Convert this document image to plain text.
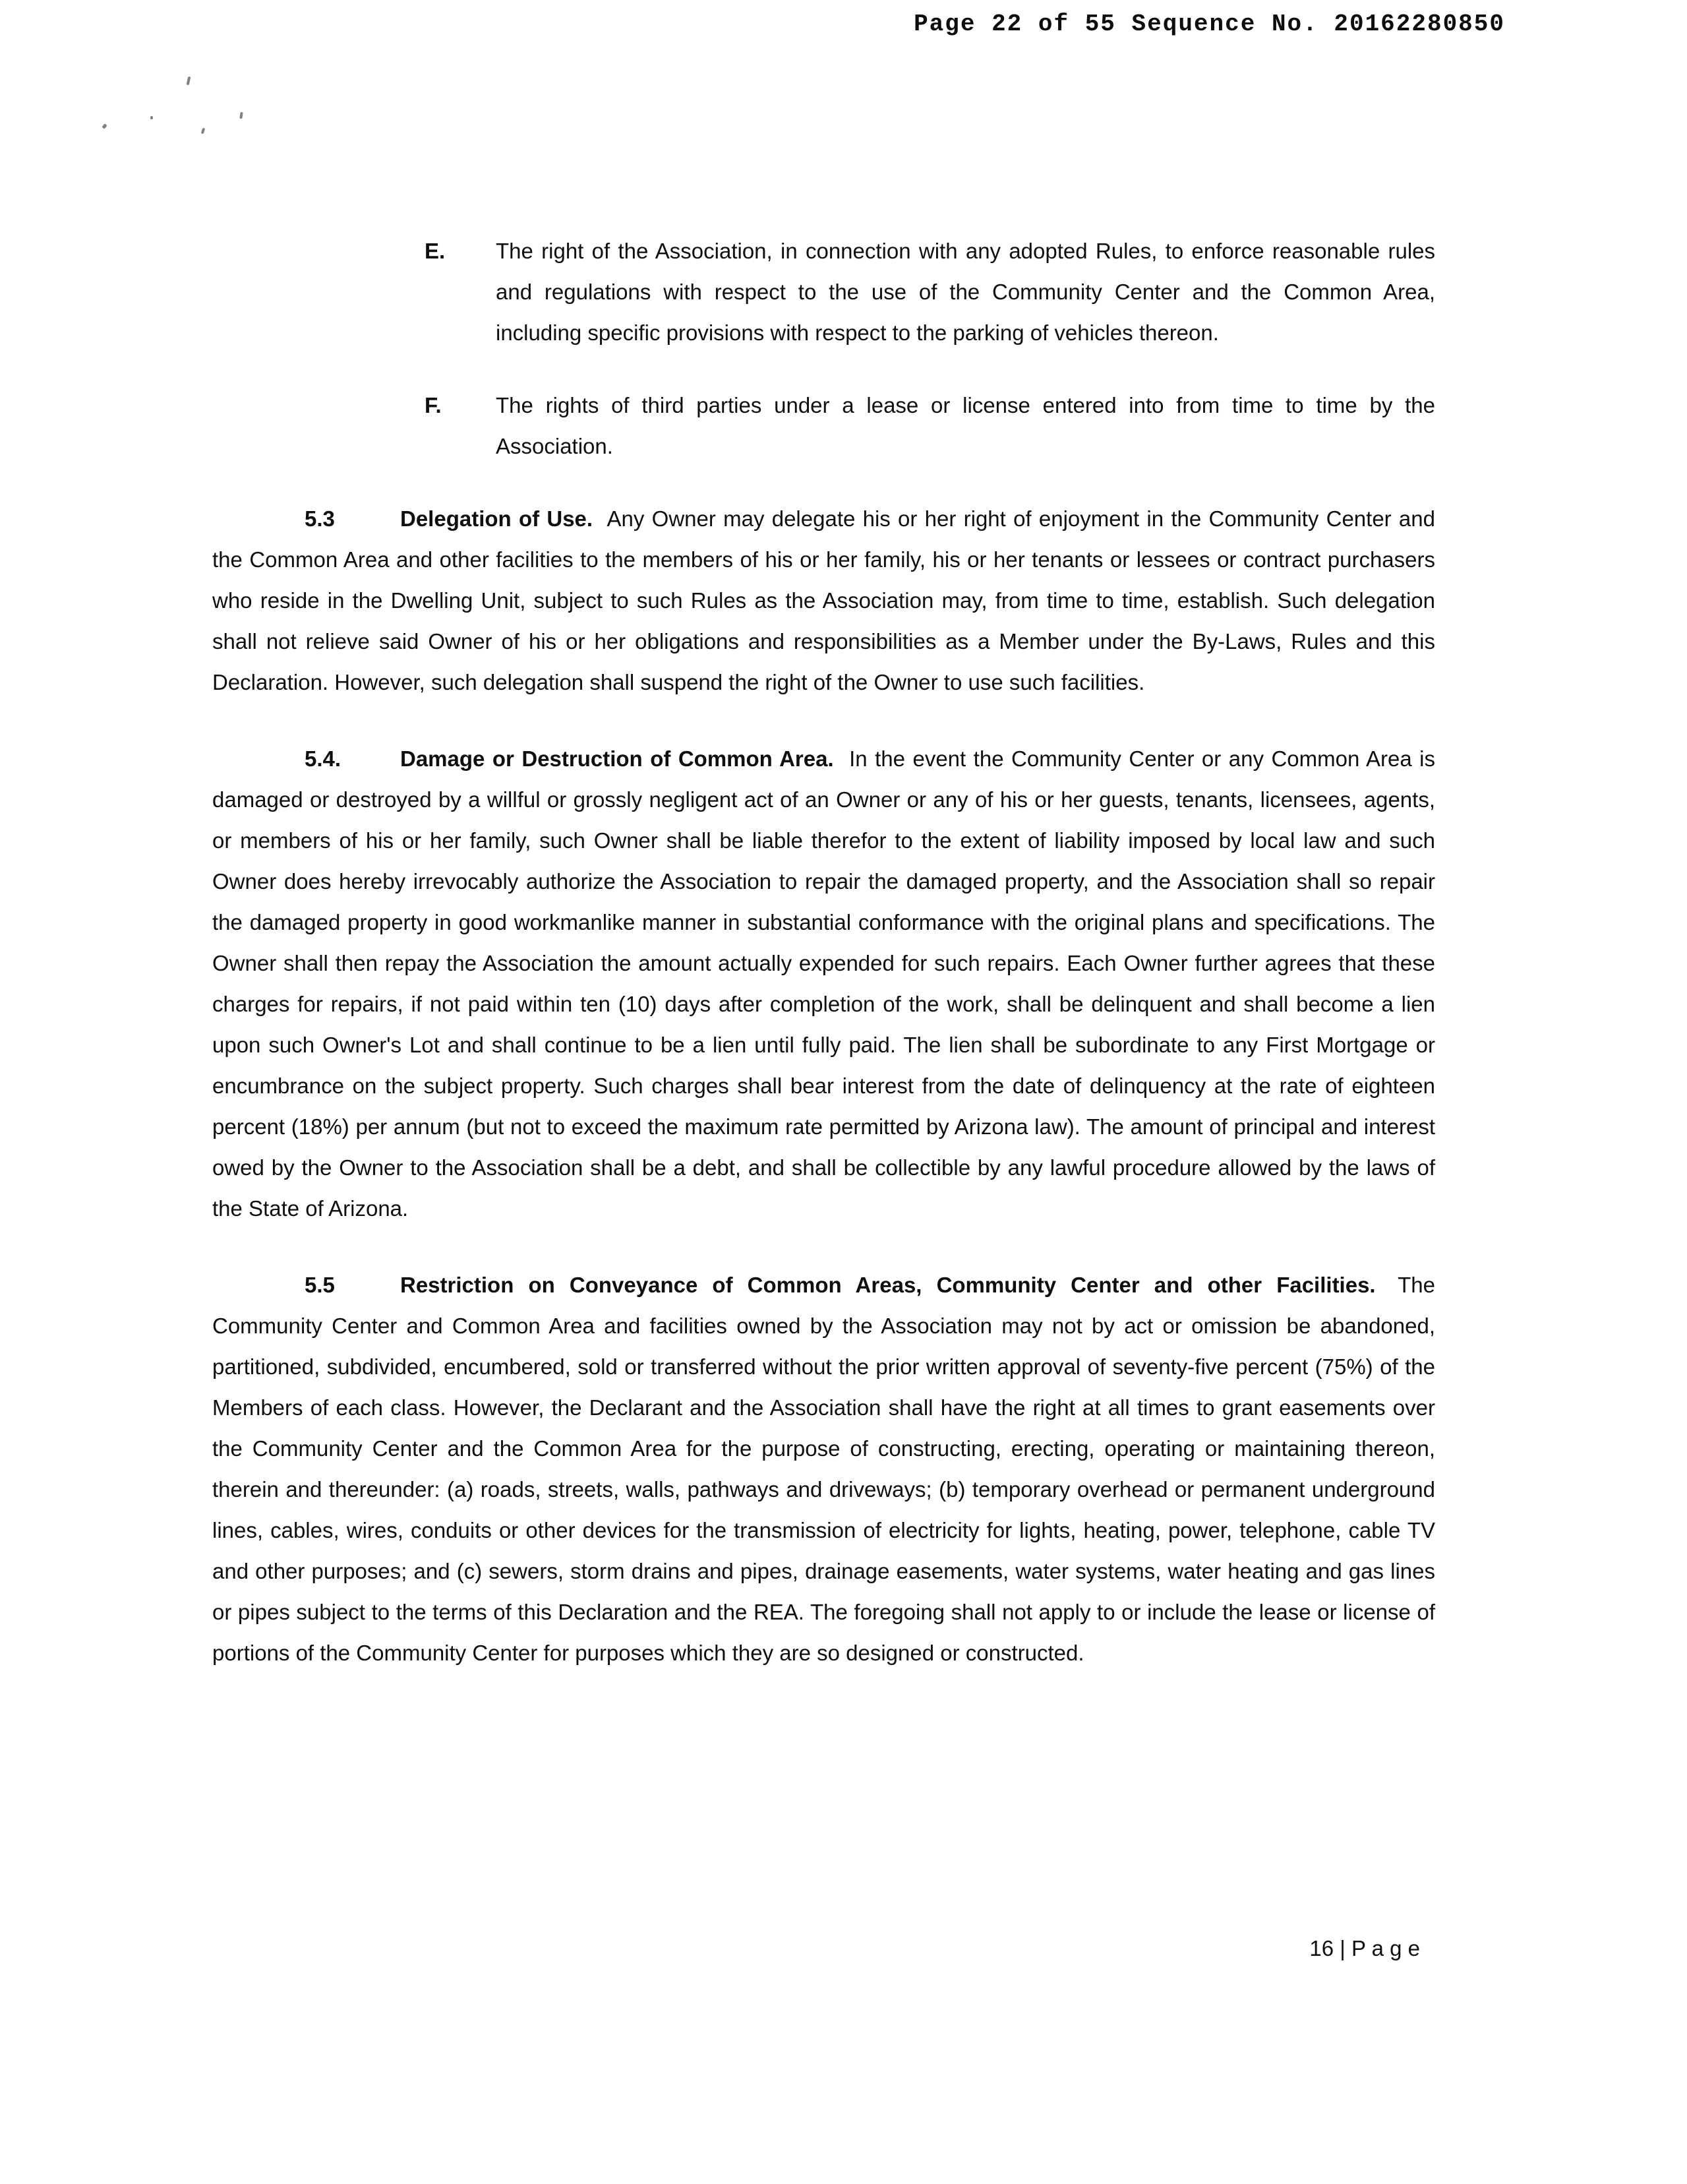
Page 22 of 55 Sequence No. 20162280850
E.	The right of the Association, in connection with any adopted Rules, to enforce reasonable rules and regulations with respect to the use of the Community Center and the Common Area, including specific provisions with respect to the parking of vehicles thereon.
F.	The rights of third parties under a lease or license entered into from time to time by the Association.

5.3	Delegation of Use. Any Owner may delegate his or her right of enjoyment in the Community Center and the Common Area and other facilities to the members of his or her family, his or her tenants or lessees or contract purchasers who reside in the Dwelling Unit, subject to such Rules as the Association may, from time to time, establish. Such delegation shall not relieve said Owner of his or her obligations and responsibilities as a Member under the By-Laws, Rules and this Declaration. However, such delegation shall suspend the right of the Owner to use such facilities.

5.4.	Damage or Destruction of Common Area. In the event the Community Center or any Common Area is damaged or destroyed by a willful or grossly negligent act of an Owner or any of his or her guests, tenants, licensees, agents, or members of his or her family, such Owner shall be liable therefor to the extent of liability imposed by local law and such Owner does hereby irrevocably authorize the Association to repair the damaged property, and the Association shall so repair the damaged property in good workmanlike manner in substantial conformance with the original plans and specifications. The Owner shall then repay the Association the amount actually expended for such repairs. Each Owner further agrees that these charges for repairs, if not paid within ten (10) days after completion of the work, shall be delinquent and shall become a lien upon such Owner's Lot and shall continue to be a lien until fully paid. The lien shall be subordinate to any First Mortgage or encumbrance on the subject property. Such charges shall bear interest from the date of delinquency at the rate of eighteen percent (18%) per annum (but not to exceed the maximum rate permitted by Arizona law). The amount of principal and interest owed by the Owner to the Association shall be a debt, and shall be collectible by any lawful procedure allowed by the laws of the State of Arizona.

5.5	Restriction on Conveyance of Common Areas, Community Center and other Facilities. The Community Center and Common Area and facilities owned by the Association may not by act or omission be abandoned, partitioned, subdivided, encumbered, sold or transferred without the prior written approval of seventy-five percent (75%) of the Members of each class. However, the Declarant and the Association shall have the right at all times to grant easements over the Community Center and the Common Area for the purpose of constructing, erecting, operating or maintaining thereon, therein and thereunder: (a) roads, streets, walls, pathways and driveways; (b) temporary overhead or permanent underground lines, cables, wires, conduits or other devices for the transmission of electricity for lights, heating, power, telephone, cable TV and other purposes; and (c) sewers, storm drains and pipes, drainage easements, water systems, water heating and gas lines or pipes subject to the terms of this Declaration and the REA. The foregoing shall not apply to or include the lease or license of portions of the Community Center for purposes which they are so designed or constructed.

16 | P a g e
